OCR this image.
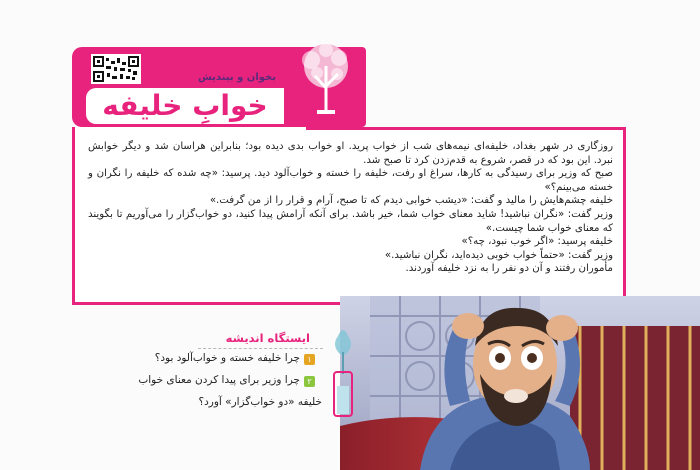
بخوان و بیندیش
خوابِ خلیفه

روزگاری در شهر بغداد، خلیفه‌ای نیمه‌های شب از خواب پرید. او خواب بدی دیده بود؛ بنابراین هراسان شد و دیگر خوابش نبرد. این بود که در قصر، شروع به قدم‌زدن کرد تا صبح شد.

صبح که وزیر برای رسیدگی به کارها، سراغ او رفت، خلیفه را خسته و خواب‌آلود دید. پرسید: «چه شده که خلیفه را نگران و خسته می‌بینم؟»

خلیفه چشم‌هایش را مالید و گفت: «دیشب خوابی دیدم که تا صبح، آرام و قرار را از من گرفت.»

وزیر گفت: «نگران نباشید! شاید معنای خواب شما، خیر باشد. برای آنکه آرامش پیدا کنید، دو خواب‌گزار را می‌آوریم تا بگویند که معنای خواب شما چیست.»

خلیفه پرسید: «اگر خوب نبود، چه؟»

وزیر گفت: «حتماً خواب خوبی دیده‌اید، نگران نباشید.»

مأموران رفتند و آن دو نفر را به نزد خلیفه آوردند.

ایستگاه اندیشه
۱
چرا خلیفه خسته و خواب‌آلود بود؟
۲
چرا وزیر برای پیدا کردن معنای خواب
خلیفه «دو خواب‌گزار» آورد؟
